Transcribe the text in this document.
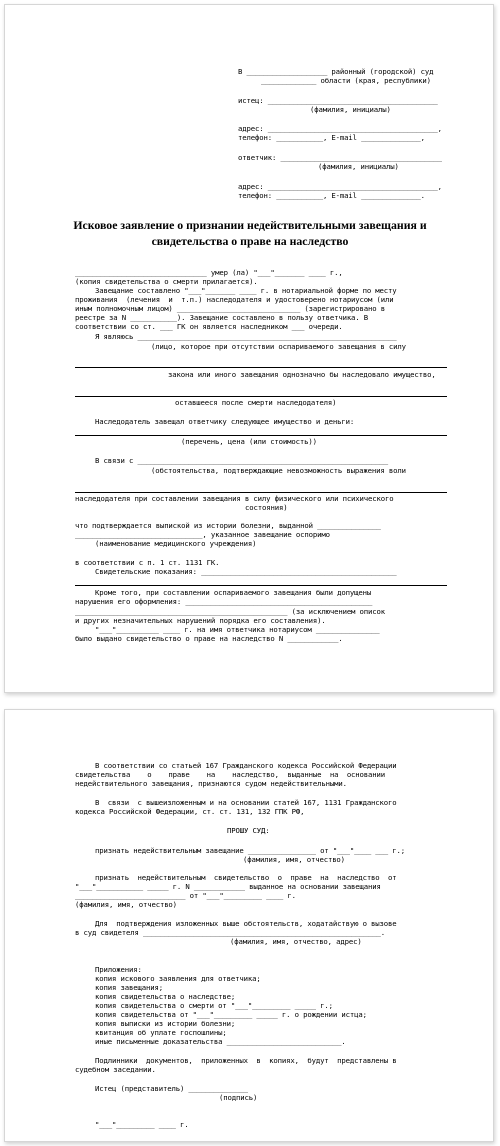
В ___________________ районный (городской) суд
_____________ области (края, республики)
истец: ________________________________________
(фамилия, инициалы)
адрес: ________________________________________,
телефон: ___________, E-mail ______________,
ответчик: ______________________________________
(фамилия, инициалы)
адрес: ________________________________________,
телефон: ___________, E-mail ______________.
Исковое заявление о признании недействительными завещания и
свидетельства о праве на наследство
_______________________________ умер (ла) "___"_______ ____ г.,
(копия свидетельства о смерти прилагается).
Завещание составлено "___"_______ ____ г. в нотариальной форме по месту
проживания  (лечения  и  т.п.) наследодателя и удостоверено нотариусом (или
иным полномочным лицом) _____________________________ (зарегистрировано в
реестре за N ___________). Завещание составлено в пользу ответчика. В
соответствии со ст. ___ ГК он является наследником ___ очереди.
Я являюсь _____________________________________________________________
(лицо, которое при отсутствии оспариваемого завещания в силу
закона или иного завещания однозначно бы наследовало имущество,
оставшееся после смерти наследодателя)
Наследодатель завещал ответчику следующее имущество и деньги:
(перечень, цена (или стоимость))
В связи с ___________________________________________________________
(обстоятельства, подтверждающие невозможность выражения воли
наследодателя при составлении завещания в силу физического или психического
состояния)
что подтверждается выпиской из истории болезни, выданной _______________
______________________________, указанное завещание оспоримо
(наименование медицинского учреждения)
в соответствии с п. 1 ст. 1131 ГК.
Свидетельские показания: ______________________________________________
Кроме того, при составлении оспариваемого завещания были допущены
нарушения его оформления: ____________________________________________
__________________________________________________ (за исключением описок
и других незначительных нарушений порядка его составления).
"___"__________ ____ г. на имя ответчика нотариусом _______________
было выдано свидетельство о праве на наследство N ____________.
В соответствии со статьей 167 Гражданского кодекса Российской Федерации
свидетельства    о    праве    на    наследство,  выданные  на  основании
недействительного завещания, признаются судом недействительными.
В  связи  с вышеизложенным и на основании статей 167, 1131 Гражданского
кодекса Российской Федерации, ст. ст. 131, 132 ГПК РФ,
ПРОШУ СУД:
признать недействительным завещание ________________ от "___"____ ___ г.;
(фамилия, имя, отчество)
признать  недействительным  свидетельство  о  праве  на  наследство  от
"___"___________ _____ г. N ____________ выданное на основании завещания
__________________________ от "___"_________ ____ г.
(фамилия, имя, отчество)
Для  подтверждения изложенных выше обстоятельств, ходатайствую о вызове
в суд свидетеля ________________________________________________________.
(фамилия, имя, отчество, адрес)
Приложения:
копия искового заявления для ответчика;
копия завещания;
копия свидетельства о наследстве;
копия свидетельства о смерти от "___"_________ _____ г.;
копия свидетельства от "___"_________ _____ г. о рождении истца;
копия выписки из истории болезни;
квитанция об уплате госпошлины;
иные письменные доказательства ___________________________.
Подлинники  документов,  приложенных  в  копиях,  будут  представлены в
судебном заседании.
Истец (представитель) ______________
(подпись)
"___"_________ ____ г.
